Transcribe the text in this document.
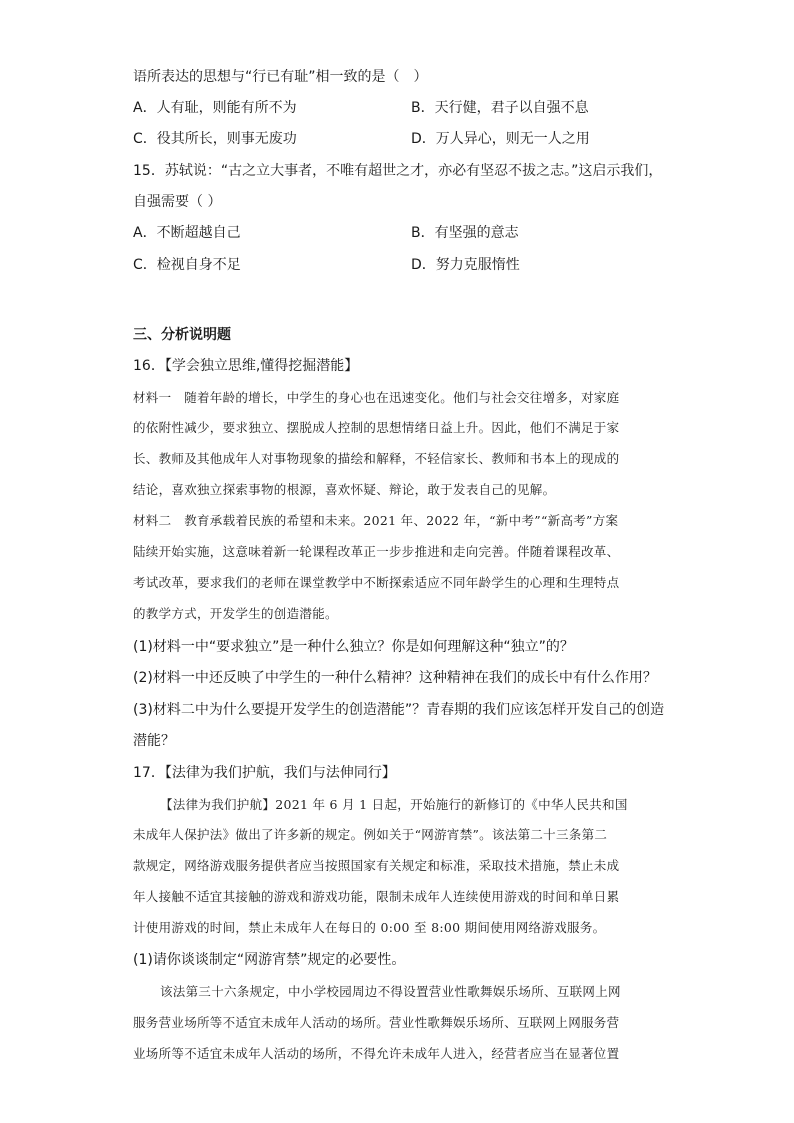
语所表达的思想与“行已有耻”相一致的是（　）
A．人有耻，则能有所不为	B．天行健，君子以自强不息
C．役其所长，则事无废功	D．万人异心，则无一人之用
15．苏轼说：“古之立大事者，不唯有超世之才，亦必有坚忍不拔之志。”这启示我们，
自强需要（ ）
A．不断超越自己	B．有坚强的意志
C．检视自身不足	D．努力克服惰性
三、分析说明题
16．【学会独立思维,懂得挖掘潜能】
材料一　随着年龄的增长，中学生的身心也在迅速变化。他们与社会交往增多，对家庭
的依附性减少，要求独立、摆脱成人控制的思想情绪日益上升。因此，他们不满足于家
长、教师及其他成年人对事物现象的描绘和解释，不轻信家长、教师和书本上的现成的
结论，喜欢独立探索事物的根源，喜欢怀疑、辩论，敢于发表自己的见解。
材料二　教育承载着民族的希望和未来。2021 年、2022 年，“新中考”“新高考”方案
陆续开始实施，这意味着新一轮课程改革正一步步推进和走向完善。伴随着课程改革、
考试改革，要求我们的老师在课堂教学中不断探索适应不同年龄学生的心理和生理特点
的教学方式，开发学生的创造潜能。
(1)材料一中“要求独立”是一种什么独立？你是如何理解这种“独立”的？
(2)材料一中还反映了中学生的一种什么精神？这种精神在我们的成长中有什么作用？
(3)材料二中为什么要提开发学生的创造潜能”？青春期的我们应该怎样开发自己的创造
潜能？
17．【法律为我们护航，我们与法伸同行】
【法律为我们护航】2021 年 6 月 1 日起，开始施行的新修订的《中华人民共和国
未成年人保护法》做出了许多新的规定。例如关于“网游宵禁”。该法第二十三条第二
款规定，网络游戏服务提供者应当按照国家有关规定和标准，采取技术措施，禁止未成
年人接触不适宜其接触的游戏和游戏功能，限制未成年人连续使用游戏的时间和单日累
计使用游戏的时间，禁止未成年人在每日的 0:00 至 8:00 期间使用网络游戏服务。
(1)请你谈谈制定“网游宵禁”规定的必要性。
该法第三十六条规定，中小学校园周边不得设置营业性歌舞娱乐场所、互联网上网
服务营业场所等不适宜未成年人活动的场所。营业性歌舞娱乐场所、互联网上网服务营
业场所等不适宜未成年人活动的场所，不得允许未成年人进入，经营者应当在显著位置
